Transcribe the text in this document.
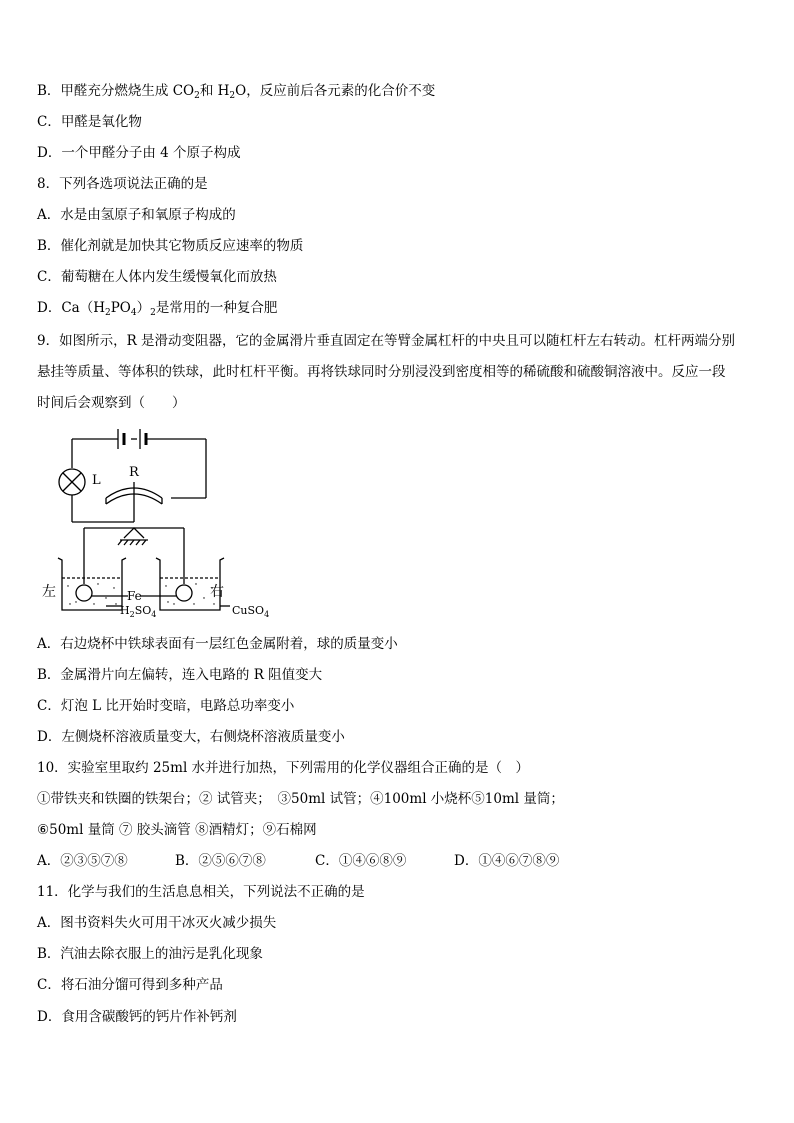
B．甲醛充分燃烧生成 $CO_2$和 $H_2O$，反应前后各元素的化合价不变
C．甲醛是氧化物
D．一个甲醛分子由 4 个原子构成
8．下列各选项说法正确的是
A．水是由氢原子和氧原子构成的
B．催化剂就是加快其它物质反应速率的物质
C．葡萄糖在人体内发生缓慢氧化而放热
D．$Ca(H_2PO_4)_2$是常用的一种复合肥
9．如图所示，R 是滑动变阻器，它的金属滑片垂直固定在等臂金属杠杆的中央且可以随杠杆左右转动。杠杆两端分别
悬挂等质量、等体积的铁球，此时杠杆平衡。再将铁球同时分别浸没到密度相等的稀硫酸和硫酸铜溶液中。反应一段
时间后会观察到（　　）
L
R
左	右
Fe
$H_2SO_4$	CuSO$_4$
A．右边烧杯中铁球表面有一层红色金属附着，球的质量变小
B．金属滑片向左偏转，连入电路的 R 阻值变大
C．灯泡 L 比开始时变暗，电路总功率变小
D．左侧烧杯溶液质量变大，右侧烧杯溶液质量变小
10．实验室里取约 25ml 水并进行加热，下列需用的化学仪器组合正确的是（　）
①带铁夹和铁圈的铁架台；② 试管夹；　③50ml 试管；④100ml 小烧杯⑤10ml 量筒；
⑥50ml 量筒 ⑦ 胶头滴管 ⑧酒精灯；⑨石棉网
A．②③⑤⑦⑧	B．②⑤⑥⑦⑧	C．①④⑥⑧⑨	D．①④⑥⑦⑧⑨
11．化学与我们的生活息息相关，下列说法不正确的是
A．图书资料失火可用干冰灭火减少损失
B．汽油去除衣服上的油污是乳化现象
C．将石油分馏可得到多种产品
D．食用含碳酸钙的钙片作补钙剂
